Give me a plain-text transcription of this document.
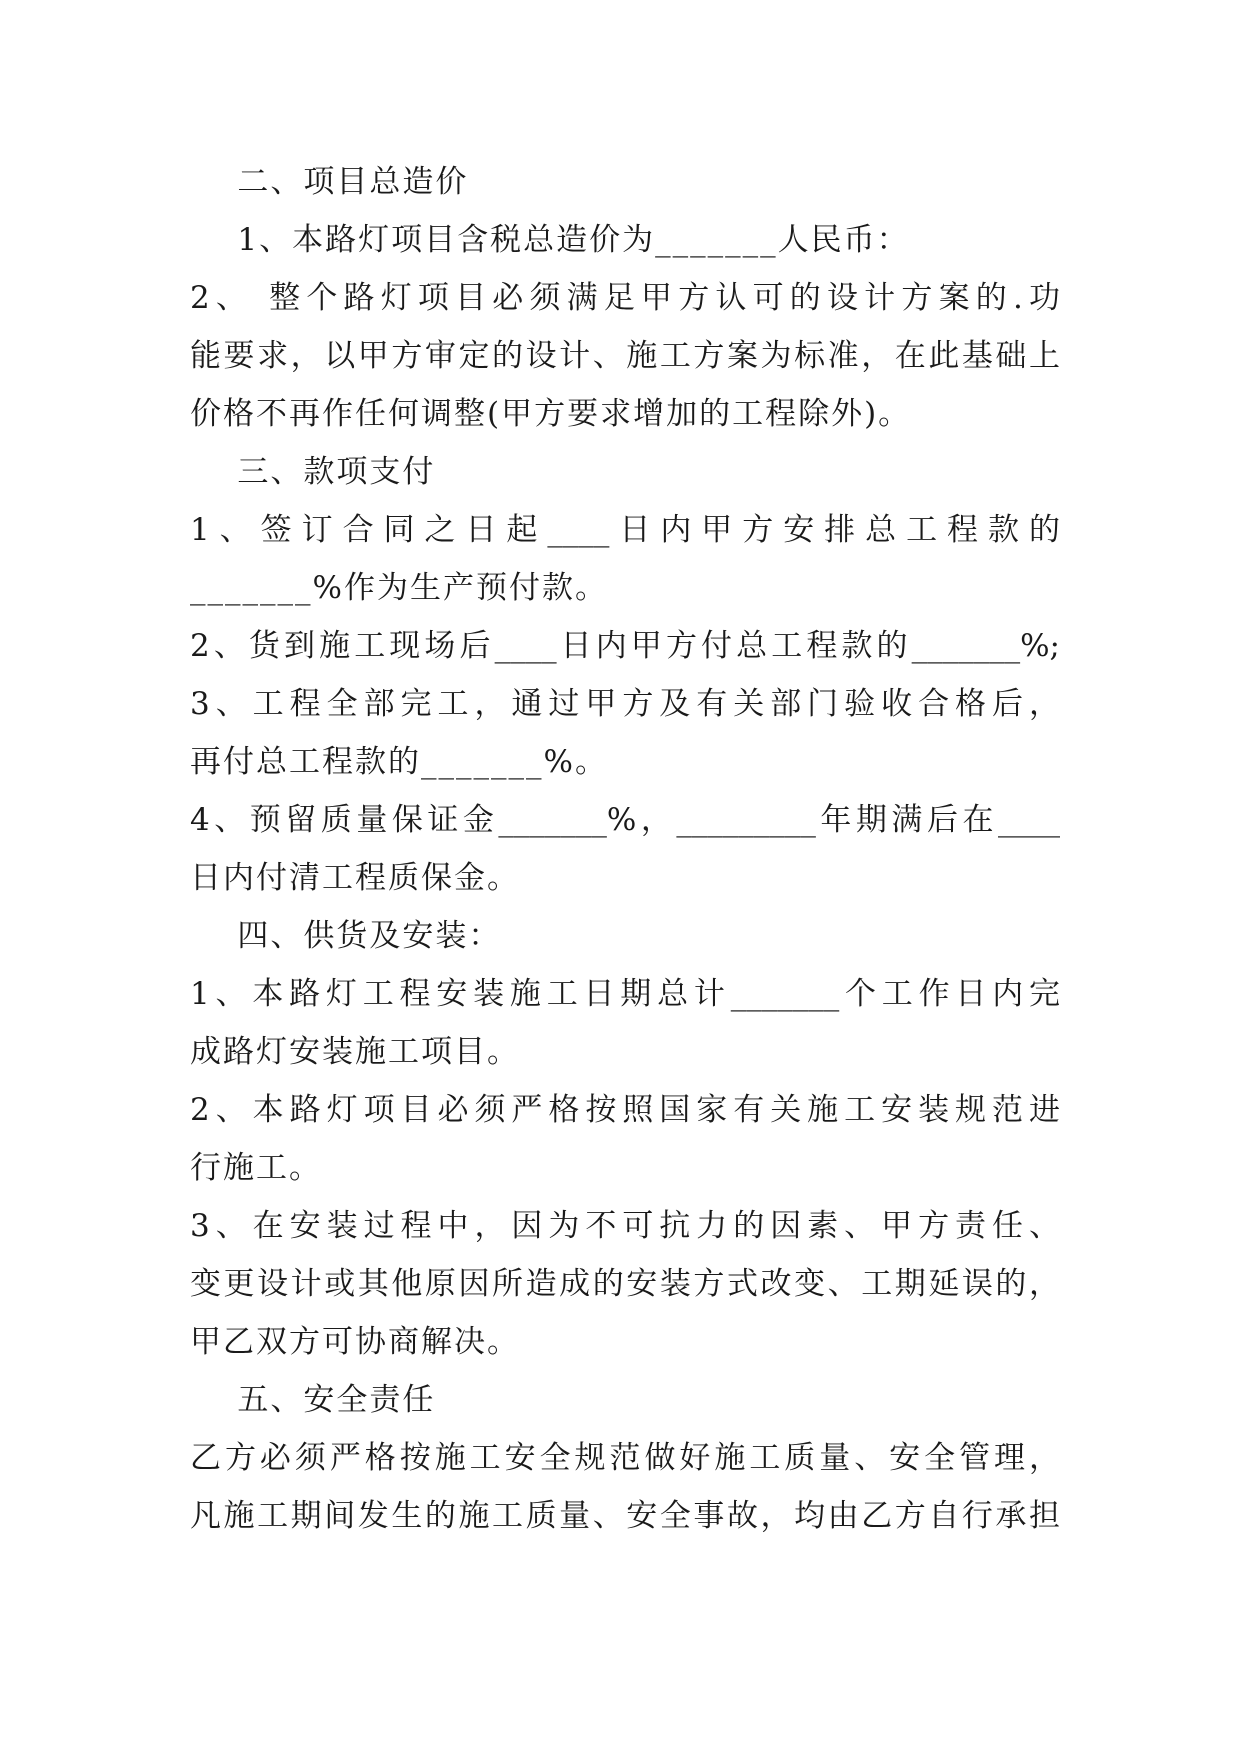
二、项目总造价
1、本路灯项目含税总造价为_______人民币：
2、 整个路灯项目必须满足甲方认可的设计方案的.功
能要求，以甲方审定的设计、施工方案为标准，在此基础上
价格不再作任何调整(甲方要求增加的工程除外)。
三、款项支付
1、签订合同之日起____日内甲方安排总工程款的
_______%作为生产预付款。
2、货到施工现场后____日内甲方付总工程款的_______%;
3、工程全部完工，通过甲方及有关部门验收合格后，
再付总工程款的_______%。
4、预留质量保证金_______%，_________年期满后在____
日内付清工程质保金。
四、供货及安装：
1、本路灯工程安装施工日期总计_______个工作日内完
成路灯安装施工项目。
2、本路灯项目必须严格按照国家有关施工安装规范进
行施工。
3、在安装过程中，因为不可抗力的因素、甲方责任、
变更设计或其他原因所造成的安装方式改变、工期延误的，
甲乙双方可协商解决。
五、安全责任
乙方必须严格按施工安全规范做好施工质量、安全管理，
凡施工期间发生的施工质量、安全事故，均由乙方自行承担
